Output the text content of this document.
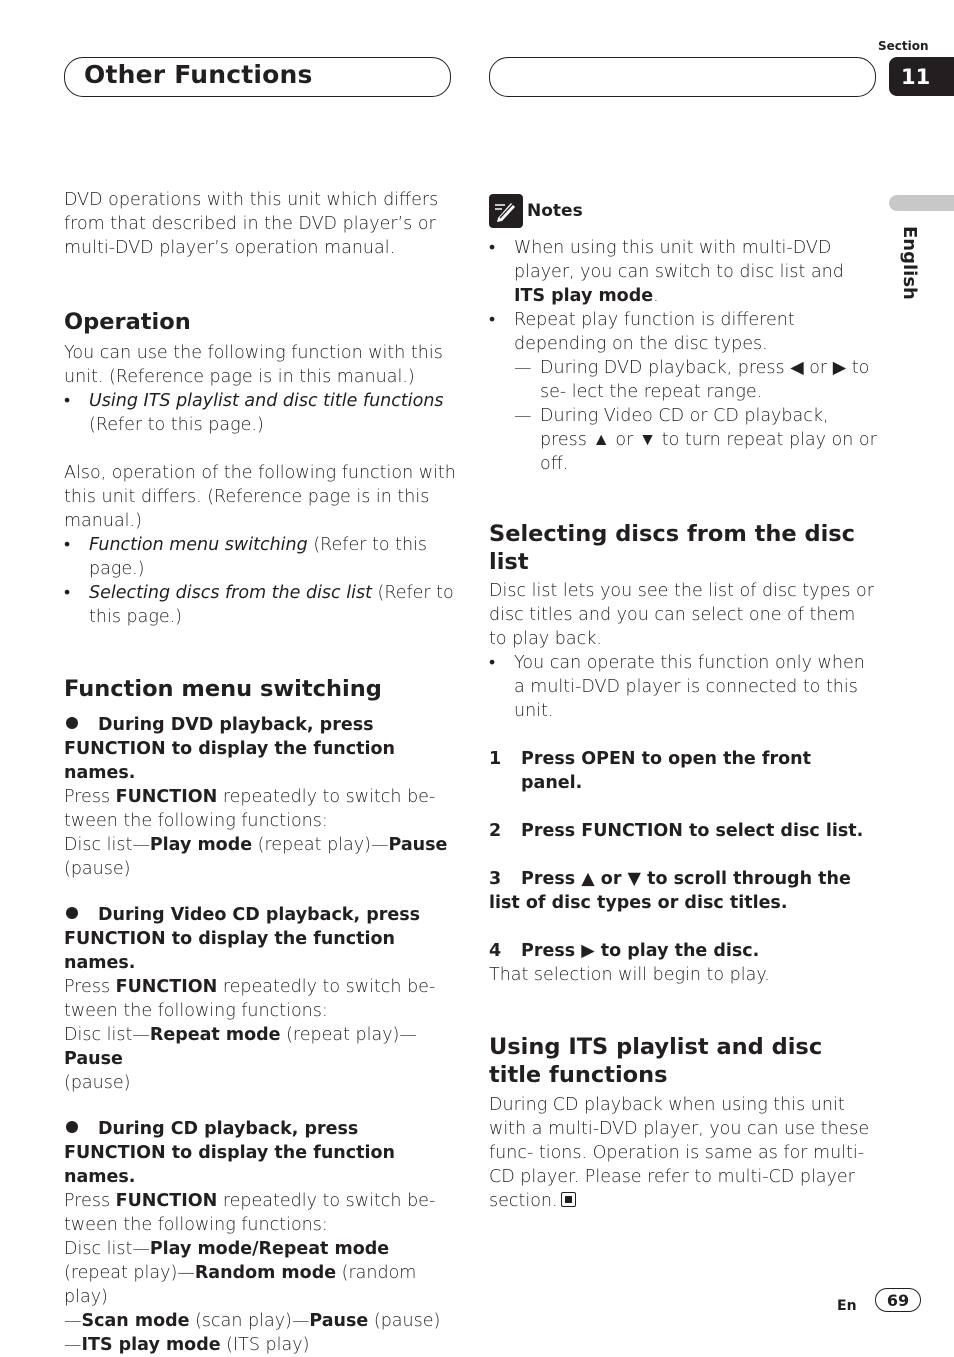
Other Functions
Section
11
English

DVD operations with this unit which differs from that described in the DVD player’s or multi-DVD player’s operation manual.

Operation

You can use the following function with this unit. (Reference page is in this manual.)

• Using ITS playlist and disc title functions
(Refer to this page.)

Also, operation of the following function with this unit differs. (Reference page is in this manual.)

• Function menu switching (Refer to this page.)

• Selecting discs from the disc list (Refer to this page.)

Function menu switching

During DVD playback, press FUNCTION to display the function names.

Press FUNCTION repeatedly to switch be- tween the following functions:

Disc list—Play mode (repeat play)—Pause
(pause)

During Video CD playback, press FUNCTION to display the function names.

Press FUNCTION repeatedly to switch be- tween the following functions:

Disc list—Repeat mode (repeat play)—Pause
(pause)

During CD playback, press FUNCTION to display the function names.

Press FUNCTION repeatedly to switch be- tween the following functions:

Disc list—Play mode/Repeat mode (repeat play)—Random mode (random play)
—Scan mode (scan play)—Pause (pause)
—ITS play mode (ITS play)

Notes

• When using this unit with multi-DVD player, you can switch to disc list and
ITS play mode.

• Repeat play function is different depending on the disc types.

— During DVD playback, press ◀ or ▶ to se- lect the repeat range.

— During Video CD or CD playback, press ▲ or ▼ to turn repeat play on or off.

Selecting discs from the disc list

Disc list lets you see the list of disc types or disc titles and you can select one of them to play back.

• You can operate this function only when a multi-DVD player is connected to this unit.

1 Press OPEN to open the front panel.

2 Press FUNCTION to select disc list.

3 Press ▲ or ▼ to scroll through the list of disc types or disc titles.

4 Press ▶ to play the disc.

That selection will begin to play.

Using ITS playlist and disc title functions

During CD playback when using this unit with a multi-DVD player, you can use these func- tions. Operation is same as for multi-CD player. Please refer to multi-CD player section.

En 69
